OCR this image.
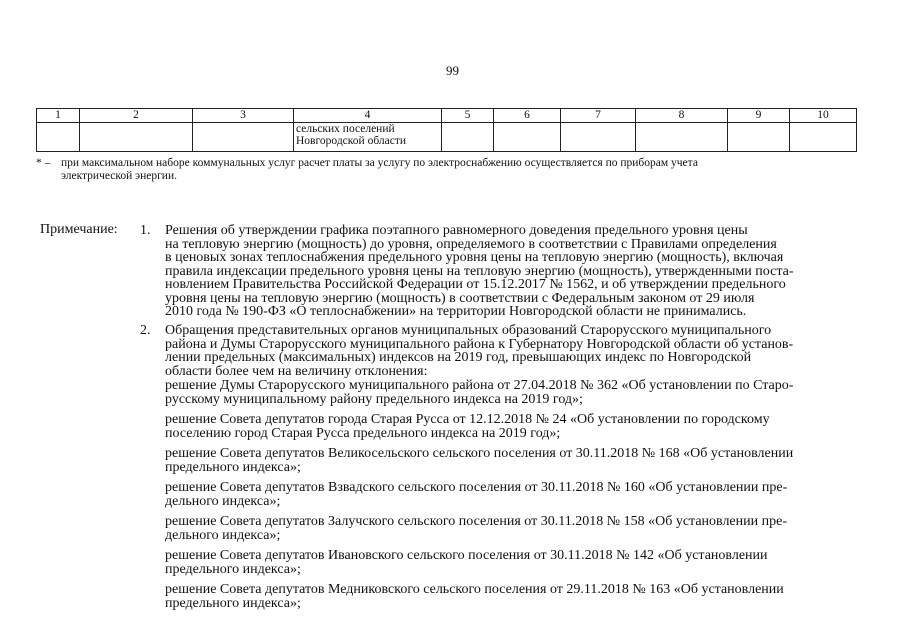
99
1	2	3	4	5	6	7	8	9	10
			сельских поселений
Новгородской области						
* – при максимальном наборе коммунальных услуг расчет платы за услугу по электроснабжению осуществляется по приборам учета
электрической энергии.
Примечание: 1.	Решения об утверждении графика поэтапного равномерного доведения предельного уровня цены
на тепловую энергию (мощность) до уровня, определяемого в соответствии с Правилами определения
в ценовых зонах теплоснабжения предельного уровня цены на тепловую энергию (мощность), включая
правила индексации предельного уровня цены на тепловую энергию (мощность), утвержденными поста-
новлением Правительства Российской Федерации от 15.12.2017 № 1562, и об утверждении предельного
уровня цены на тепловую энергию (мощность) в соответствии с Федеральным законом от 29 июля
2010 года № 190-ФЗ «О теплоснабжении» на территории Новгородской области не принимались.
2.	Обращения представительных органов муниципальных образований Старорусского муниципального
района и Думы Старорусского муниципального района к Губернатору Новгородской области об установ-
лении предельных (максимальных) индексов на 2019 год, превышающих индекс по Новгородской
области более чем на величину отклонения:
решение Думы Старорусского муниципального района от 27.04.2018 № 362 «Об установлении по Старо-
русскому муниципальному району предельного индекса на 2019 год»;
решение Совета депутатов города Старая Русса от 12.12.2018 № 24 «Об установлении по городскому
поселению город Старая Русса предельного индекса на 2019 год»;
решение Совета депутатов Великосельского сельского поселения от 30.11.2018 № 168 «Об установлении
предельного индекса»;
решение Совета депутатов Взвадского сельского поселения от 30.11.2018 № 160 «Об установлении пре-
дельного индекса»;
решение Совета депутатов Залучского сельского поселения от 30.11.2018 № 158 «Об установлении пре-
дельного индекса»;
решение Совета депутатов Ивановского сельского поселения от 30.11.2018 № 142 «Об установлении
предельного индекса»;
решение Совета депутатов Медниковского сельского поселения от 29.11.2018 № 163 «Об установлении
предельного индекса»;
